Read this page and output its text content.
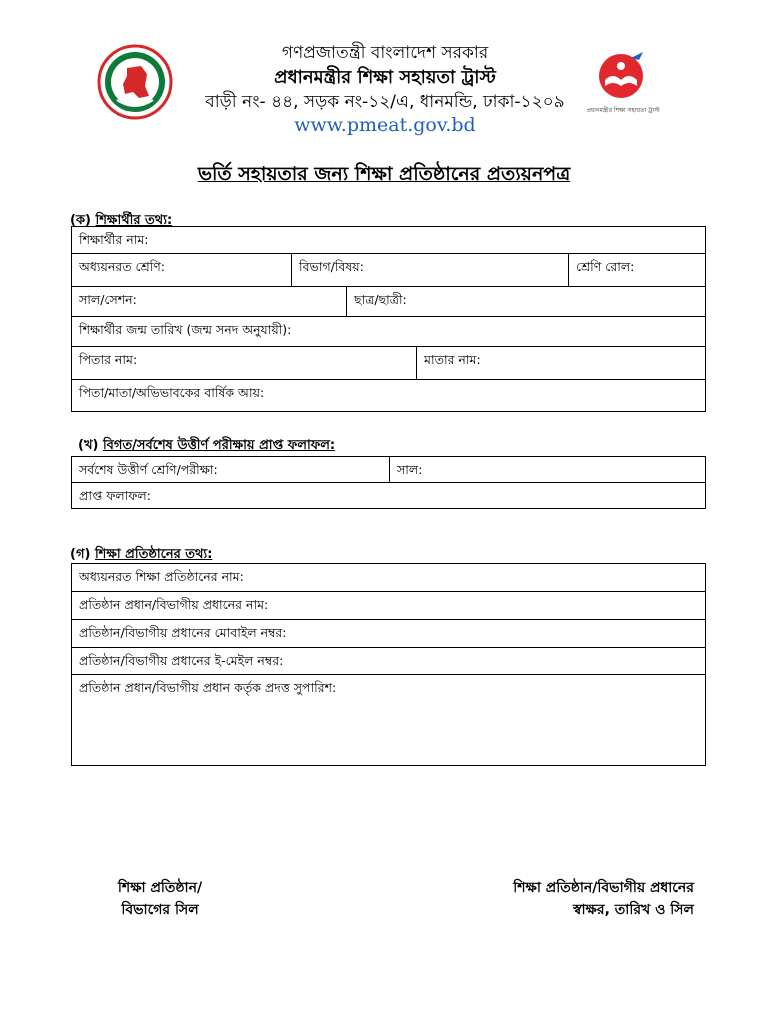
প্রধানমন্ত্রীর শিক্ষা সহায়তা ট্রাস্ট
গণপ্রজাতন্ত্রী বাংলাদেশ সরকার
প্রধানমন্ত্রীর শিক্ষা সহায়তা ট্রাস্ট
বাড়ী নং- ৪৪, সড়ক নং-১২/এ, ধানমন্ডি, ঢাকা-১২০৯
www.pmeat.gov.bd
ভর্তি সহায়তার জন্য শিক্ষা প্রতিষ্ঠানের প্রত্যয়নপত্র
(ক) শিক্ষার্থীর তথ্য:
শিক্ষার্থীর নাম:				
অধ্যয়নরত শ্রেণি:	বিভাগ/বিষয়:			শ্রেণি রোল:
সাল/সেশন:		ছাত্র/ছাত্রী:		
শিক্ষার্থীর জন্ম তারিখ (জন্ম সনদ অনুযায়ী):				
পিতার নাম:			মাতার নাম:	
পিতা/মাতা/অভিভাবকের বার্ষিক আয়:				
(খ) বিগত/সর্বশেষ উত্তীর্ণ পরীক্ষায় প্রাপ্ত ফলাফল:
সর্বশেষ উত্তীর্ণ শ্রেণি/পরীক্ষা:	সাল:
প্রাপ্ত ফলাফল:
(গ) শিক্ষা প্রতিষ্ঠানের তথ্য:
অধ্যয়নরত শিক্ষা প্রতিষ্ঠানের নাম:
প্রতিষ্ঠান প্রধান/বিভাগীয় প্রধানের নাম:
প্রতিষ্ঠান/বিভাগীয় প্রধানের মোবাইল নম্বর:
প্রতিষ্ঠান/বিভাগীয় প্রধানের ই-মেইল নম্বর:
প্রতিষ্ঠান প্রধান/বিভাগীয় প্রধান কর্তৃক প্রদত্ত সুপারিশ:
শিক্ষা প্রতিষ্ঠান/
বিভাগের সিল
শিক্ষা প্রতিষ্ঠান/বিভাগীয় প্রধানের
স্বাক্ষর, তারিখ ও সিল
